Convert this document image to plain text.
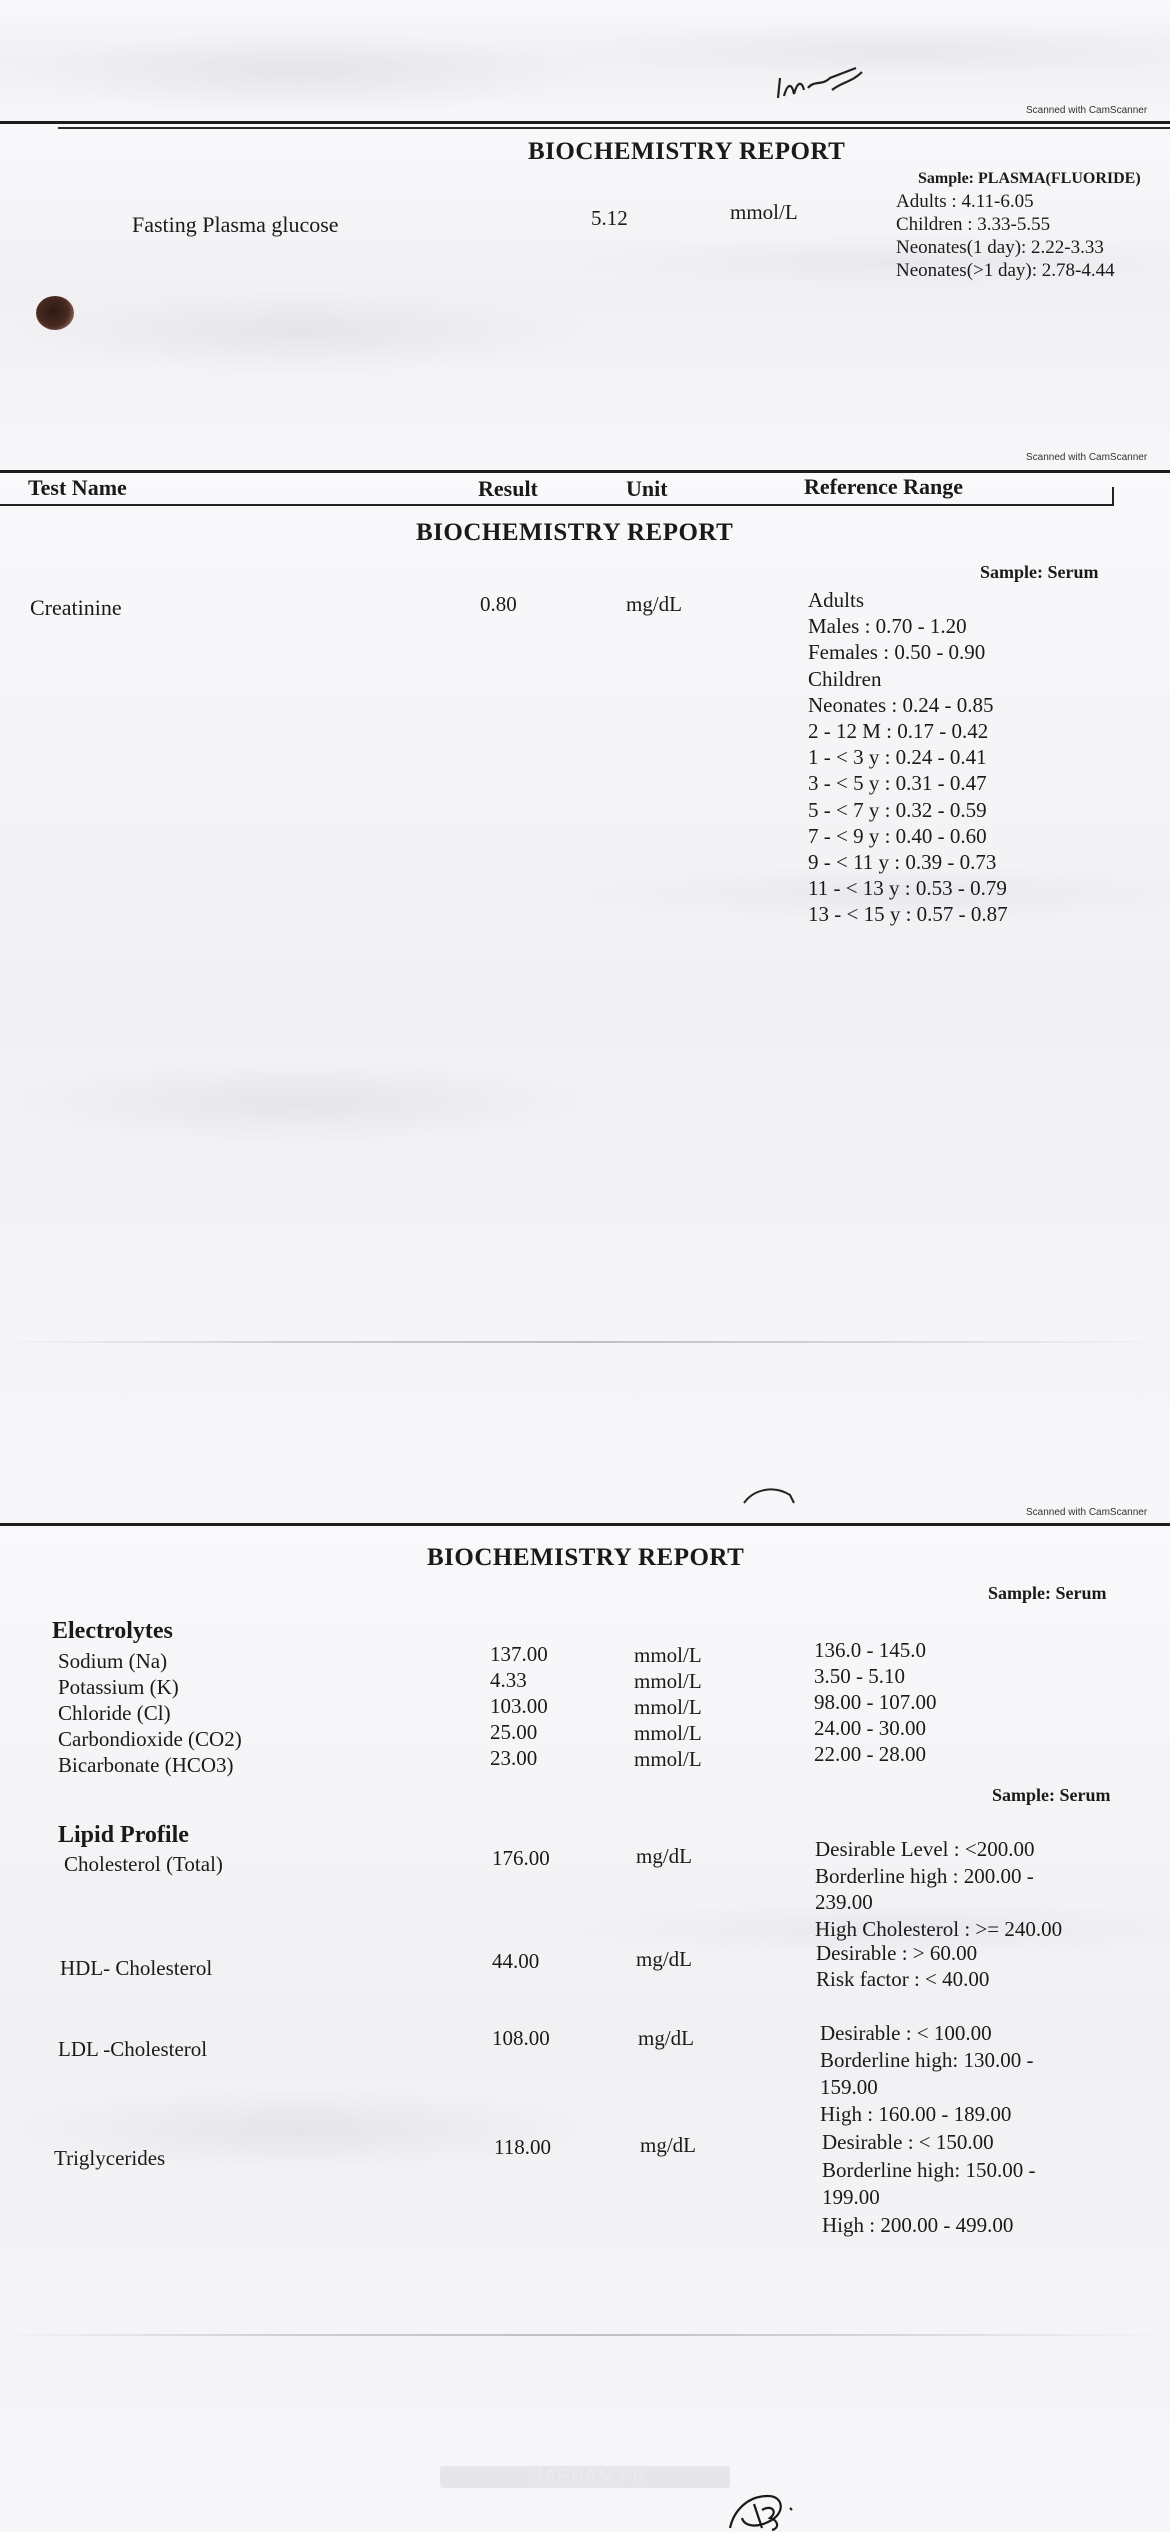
Scanned with CamScanner
BIOCHEMISTRY REPORT
Sample: PLASMA(FLUORIDE)
Fasting Plasma glucose	5.12	mmol/L	Adults : 4.11-6.05
Children : 3.33-5.55
Neonates(1 day): 2.22-3.33
Neonates(>1 day): 2.78-4.44
Scanned with CamScanner
Test Name	Result	Unit	Reference Range
BIOCHEMISTRY REPORT
Sample: Serum
Creatinine	0.80	mg/dL	Adults
Males : 0.70 - 1.20
Females : 0.50 - 0.90
Children
Neonates : 0.24 - 0.85
2 - 12 M : 0.17 - 0.42
1 - < 3 y : 0.24 - 0.41
3 - < 5 y : 0.31 - 0.47
5 - < 7 y : 0.32 - 0.59
7 - < 9 y : 0.40 - 0.60
9 - < 11 y : 0.39 - 0.73
11 - < 13 y : 0.53 - 0.79
13 - < 15 y : 0.57 - 0.87
Scanned with CamScanner
BIOCHEMISTRY REPORT
Sample: Serum
Electrolytes
Sodium (Na)	137.00	mmol/L	136.0 - 145.0
Potassium (K)	4.33	mmol/L	3.50 - 5.10
Chloride (Cl)	103.00	mmol/L	98.00 - 107.00
Carbondioxide (CO2)	25.00	mmol/L	24.00 - 30.00
Bicarbonate (HCO3)	23.00	mmol/L	22.00 - 28.00
Sample: Serum
Lipid Profile
Cholesterol (Total)	176.00	mg/dL	Desirable Level : <200.00
Borderline high : 200.00 -
239.00
High Cholesterol : >= 240.00
HDL- Cholesterol	44.00	mg/dL	Desirable : > 60.00
Risk factor : < 40.00
LDL -Cholesterol	108.00	mg/dL	Desirable : < 100.00
Borderline high: 130.00 -
159.00
High : 160.00 - 189.00
Triglycerides	118.00	mg/dL	Desirable : < 150.00
Borderline high: 150.00 -
199.00
High : 200.00 - 499.00
MARHAM.PK
